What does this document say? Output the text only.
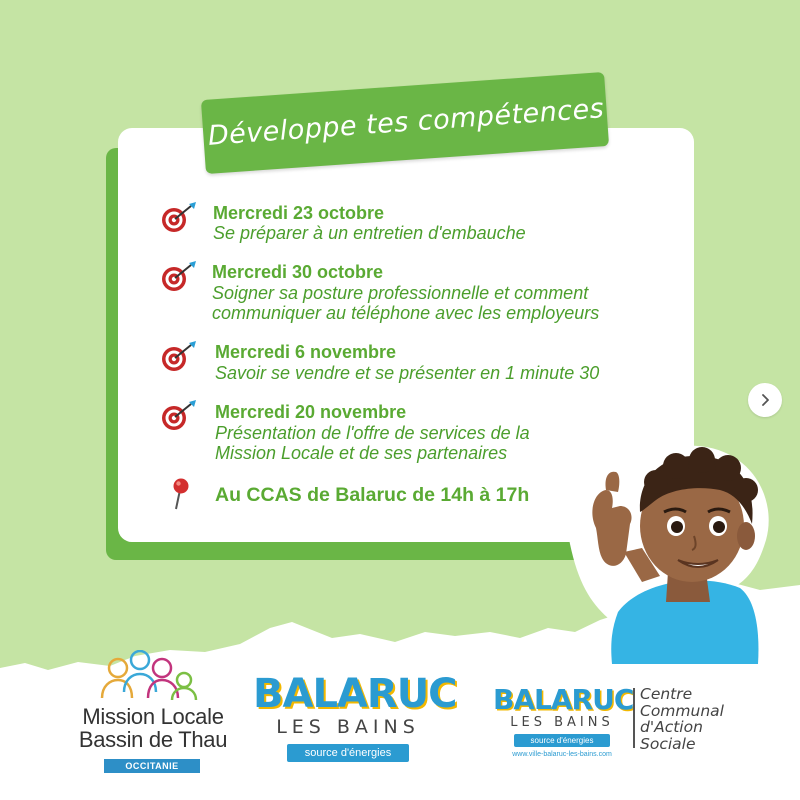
Développe tes compétences
Mercredi 23 octobre
Se préparer à un entretien d'embauche
Mercredi 30 octobre
Soigner sa posture professionnelle et comment
communiquer au téléphone avec les employeurs
Mercredi 6 novembre
Savoir se vendre et se présenter en 1 minute 30
Mercredi 20 novembre
Présentation de l'offre de services de la
Mission Locale et de ses partenaires
Au CCAS de Balaruc de 14h à 17h
Mission Locale
Bassin de Thau
OCCITANIE
BALARUC
LES BAINS
source d'énergies
BALARUC
LES BAINS
source d'énergies
www.ville-balaruc-les-bains.com
Centre
Communal
d'Action
Sociale
